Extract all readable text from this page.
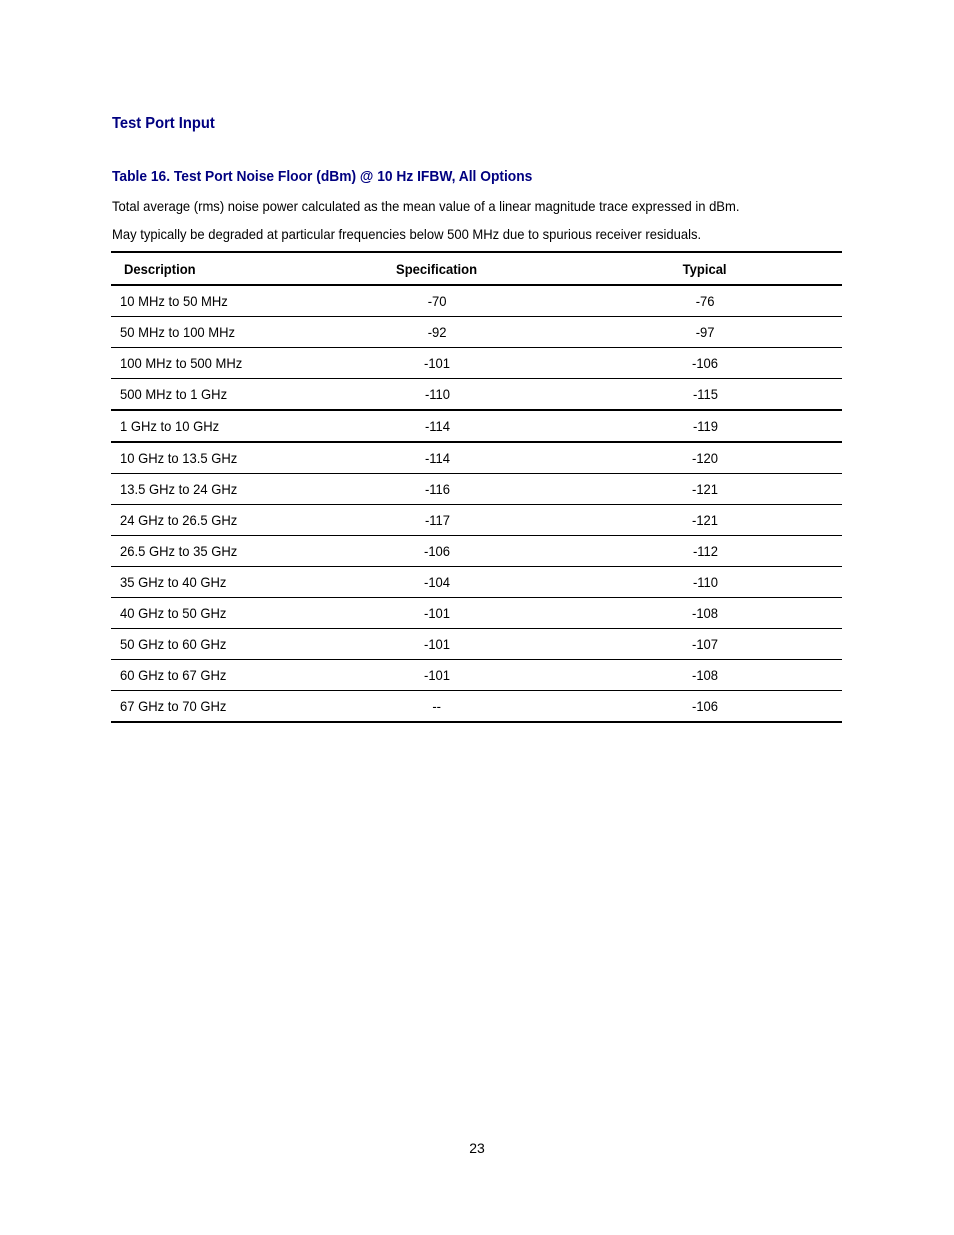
Test Port Input
Table 16. Test Port Noise Floor (dBm) @ 10 Hz IFBW, All Options

Total average (rms) noise power calculated as the mean value of a linear magnitude trace expressed in dBm.

May typically be degraded at particular frequencies below 500 MHz due to spurious receiver residuals.

Description	Specification	Typical
10 MHz to 50 MHz	-70	-76
50 MHz to 100 MHz	-92	-97
100 MHz to 500 MHz	-101	-106
500 MHz to 1 GHz	-110	-115
1 GHz to 10 GHz	-114	-119
10 GHz to 13.5 GHz	-114	-120
13.5 GHz to 24 GHz	-116	-121
24 GHz to 26.5 GHz	-117	-121
26.5 GHz to 35 GHz	-106	-112
35 GHz to 40 GHz	-104	-110
40 GHz to 50 GHz	-101	-108
50 GHz to 60 GHz	-101	-107
60 GHz to 67 GHz	-101	-108
67 GHz to 70 GHz	--	-106

23
